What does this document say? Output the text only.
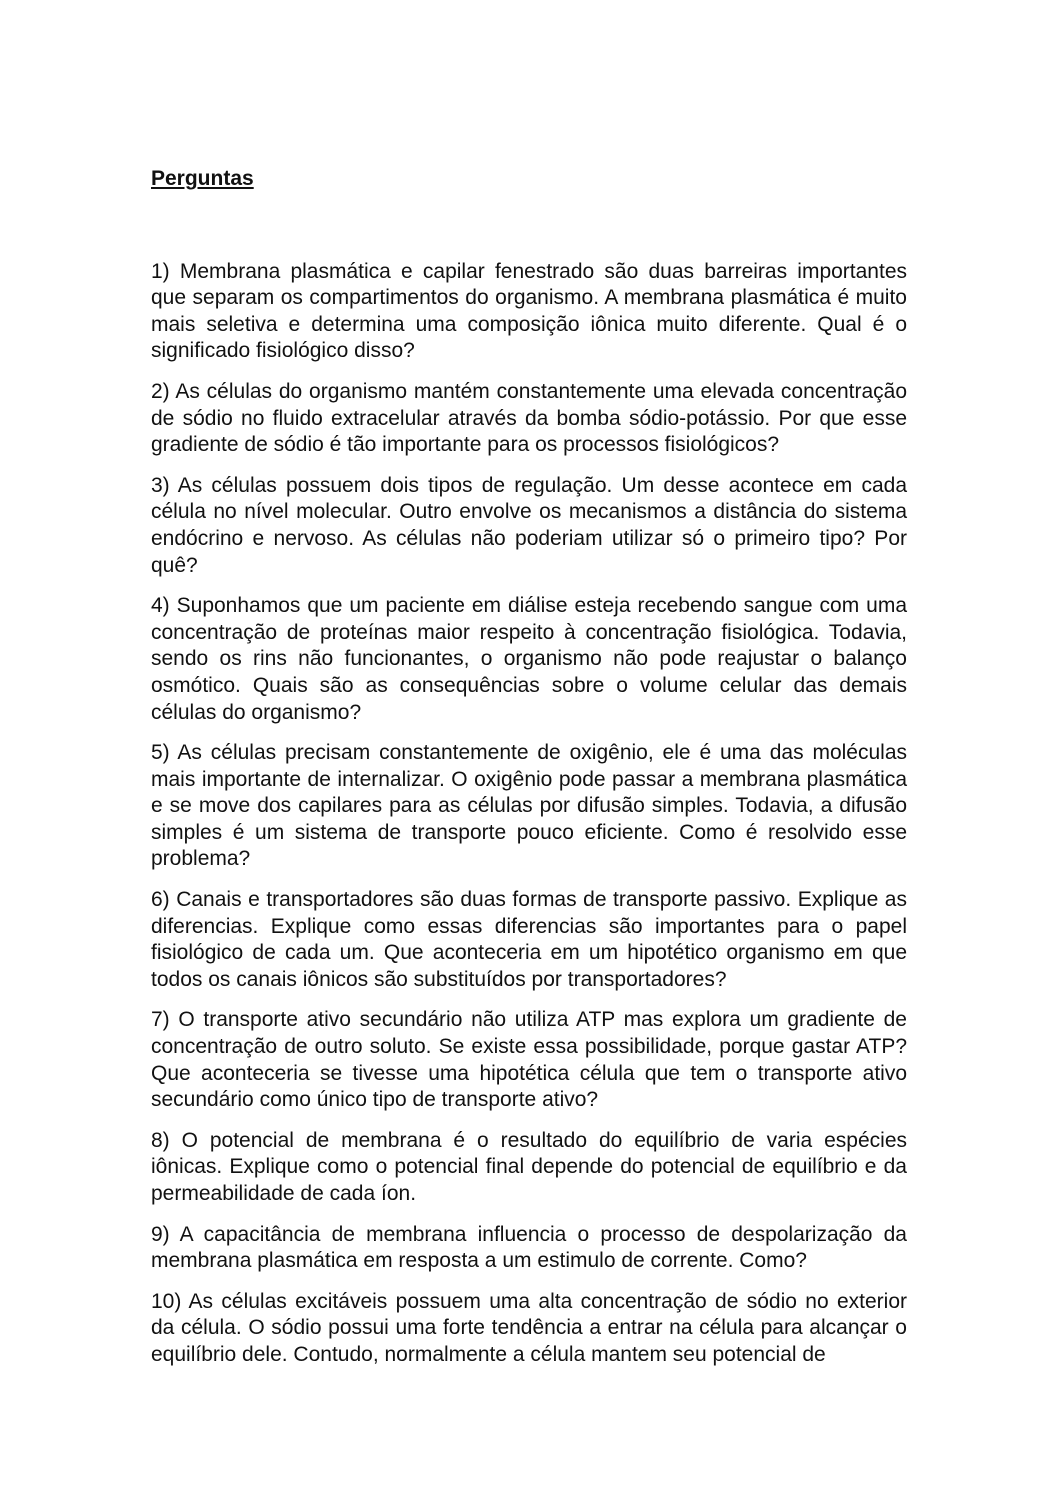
Perguntas

1) Membrana plasmática e capilar fenestrado são duas barreiras importantes que separam os compartimentos do organismo. A membrana plasmática é muito mais seletiva e determina uma composição iônica muito diferente. Qual é o significado fisiológico disso?

2) As células do organismo mantém constantemente uma elevada concentração de sódio no fluido extracelular através da bomba sódio-potássio. Por que esse gradiente de sódio é tão importante para os processos fisiológicos?

3) As células possuem dois tipos de regulação. Um desse acontece em cada célula no nível molecular. Outro envolve os mecanismos a distância do sistema endócrino e nervoso. As células não poderiam utilizar só o primeiro tipo? Por quê?

4) Suponhamos que um paciente em diálise esteja recebendo sangue com uma concentração de proteínas maior respeito à concentração fisiológica. Todavia, sendo os rins não funcionantes, o organismo não pode reajustar o balanço osmótico. Quais são as consequências sobre o volume celular das demais células do organismo?

5) As células precisam constantemente de oxigênio, ele é uma das moléculas mais importante de internalizar. O oxigênio pode passar a membrana plasmática e se move dos capilares para as células por difusão simples. Todavia, a difusão simples é um sistema de transporte pouco eficiente. Como é resolvido esse problema?

6) Canais e transportadores são duas formas de transporte passivo. Explique as diferencias. Explique como essas diferencias são importantes para o papel fisiológico de cada um. Que aconteceria em um hipotético organismo em que todos os canais iônicos são substituídos por transportadores?

7) O transporte ativo secundário não utiliza ATP mas explora um gradiente de concentração de outro soluto. Se existe essa possibilidade, porque gastar ATP? Que aconteceria se tivesse uma hipotética célula que tem o transporte ativo secundário como único tipo de transporte ativo?

8) O potencial de membrana é o resultado do equilíbrio de varia espécies iônicas. Explique como o potencial final depende do potencial de equilíbrio e da permeabilidade de cada íon.

9) A capacitância de membrana influencia o processo de despolarização da membrana plasmática em resposta a um estimulo de corrente. Como?

10) As células excitáveis possuem uma alta concentração de sódio no exterior da célula. O sódio possui uma forte tendência a entrar na célula para alcançar o equilíbrio dele. Contudo, normalmente a célula mantem seu potencial de
